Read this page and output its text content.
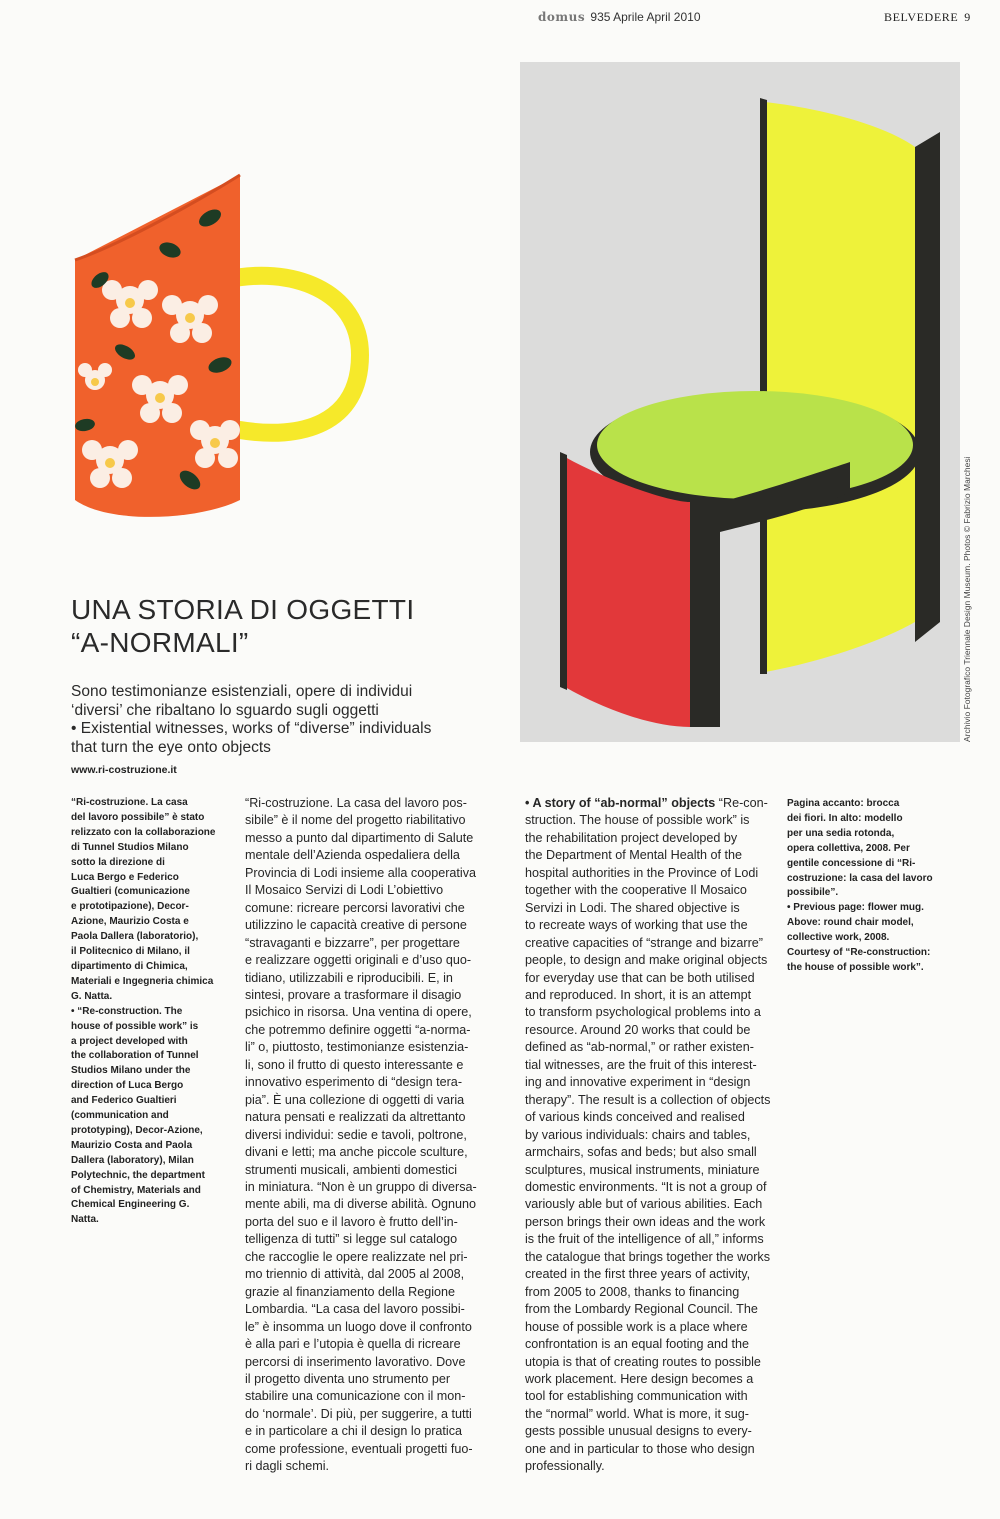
domus 935 Aprile April 2010	BELVEDERE 9
Archivio Fotografico Triennale Design Museum. Photos © Fabrizio Marchesi
UNA STORIA DI OGGETTI
“A-NORMALI”
Sono testimonianze esistenziali, opere di individui
‘diversi’ che ribaltano lo sguardo sugli oggetti
• Existential witnesses, works of “diverse” individuals
that turn the eye onto objects
www.ri-costruzione.it
“Ri-costruzione. La casa
del lavoro possibile” è stato
relizzato con la collaborazione
di Tunnel Studios Milano
sotto la direzione di
Luca Bergo e Federico
Gualtieri (comunicazione
e prototipazione), Decor-
Azione, Maurizio Costa e
Paola Dallera (laboratorio),
il Politecnico di Milano, il
dipartimento di Chimica,
Materiali e Ingegneria chimica
G. Natta.
• “Re-construction. The
house of possible work” is
a project developed with
the collaboration of Tunnel
Studios Milano under the
direction of Luca Bergo
and Federico Gualtieri
(communication and
prototyping), Decor-Azione,
Maurizio Costa and Paola
Dallera (laboratory), Milan
Polytechnic, the department
of Chemistry, Materials and
Chemical Engineering G.
Natta.
“Ri-costruzione. La casa del lavoro pos-
sibile” è il nome del progetto riabilitativo
messo a punto dal dipartimento di Salute
mentale dell’Azienda ospedaliera della
Provincia di Lodi insieme alla cooperativa
Il Mosaico Servizi di Lodi L’obiettivo
comune: ricreare percorsi lavorativi che
utilizzino le capacità creative di persone
“stravaganti e bizzarre”, per progettare
e realizzare oggetti originali e d’uso quo-
tidiano, utilizzabili e riproducibili. E, in
sintesi, provare a trasformare il disagio
psichico in risorsa. Una ventina di opere,
che potremmo definire oggetti “a-norma-
li” o, piuttosto, testimonianze esistenzia-
li, sono il frutto di questo interessante e
innovativo esperimento di “design tera-
pia”. È una collezione di oggetti di varia
natura pensati e realizzati da altrettanto
diversi individui: sedie e tavoli, poltrone,
divani e letti; ma anche piccole sculture,
strumenti musicali, ambienti domestici
in miniatura. “Non è un gruppo di diversa-
mente abili, ma di diverse abilità. Ognuno
porta del suo e il lavoro è frutto dell’in-
telligenza di tutti” si legge sul catalogo
che raccoglie le opere realizzate nel pri-
mo triennio di attività, dal 2005 al 2008,
grazie al finanziamento della Regione
Lombardia. “La casa del lavoro possibi-
le” è insomma un luogo dove il confronto
è alla pari e l’utopia è quella di ricreare
percorsi di inserimento lavorativo. Dove
il progetto diventa uno strumento per
stabilire una comunicazione con il mon-
do ‘normale’. Di più, per suggerire, a tutti
e in particolare a chi il design lo pratica
come professione, eventuali progetti fuo-
ri dagli schemi.
• A story of “ab-normal” objects “Re-con-
struction. The house of possible work” is
the rehabilitation project developed by
the Department of Mental Health of the
hospital authorities in the Province of Lodi
together with the cooperative Il Mosaico
Servizi in Lodi. The shared objective is
to recreate ways of working that use the
creative capacities of “strange and bizarre”
people, to design and make original objects
for everyday use that can be both utilised
and reproduced. In short, it is an attempt
to transform psychological problems into a
resource. Around 20 works that could be
defined as “ab-normal,” or rather existen-
tial witnesses, are the fruit of this interest-
ing and innovative experiment in “design
therapy”. The result is a collection of objects
of various kinds conceived and realised
by various individuals: chairs and tables,
armchairs, sofas and beds; but also small
sculptures, musical instruments, miniature
domestic environments. “It is not a group of
variously able but of various abilities. Each
person brings their own ideas and the work
is the fruit of the intelligence of all,” informs
the catalogue that brings together the works
created in the first three years of activity,
from 2005 to 2008, thanks to financing
from the Lombardy Regional Council. The
house of possible work is a place where
confrontation is an equal footing and the
utopia is that of creating routes to possible
work placement. Here design becomes a
tool for establishing communication with
the “normal” world. What is more, it sug-
gests possible unusual designs to every-
one and in particular to those who design
professionally.
Pagina accanto: brocca
dei fiori. In alto: modello
per una sedia rotonda,
opera collettiva, 2008. Per
gentile concessione di “Ri-
costruzione: la casa del lavoro
possibile”.
• Previous page: flower mug.
Above: round chair model,
collective work, 2008.
Courtesy of “Re-construction:
the house of possible work”.
